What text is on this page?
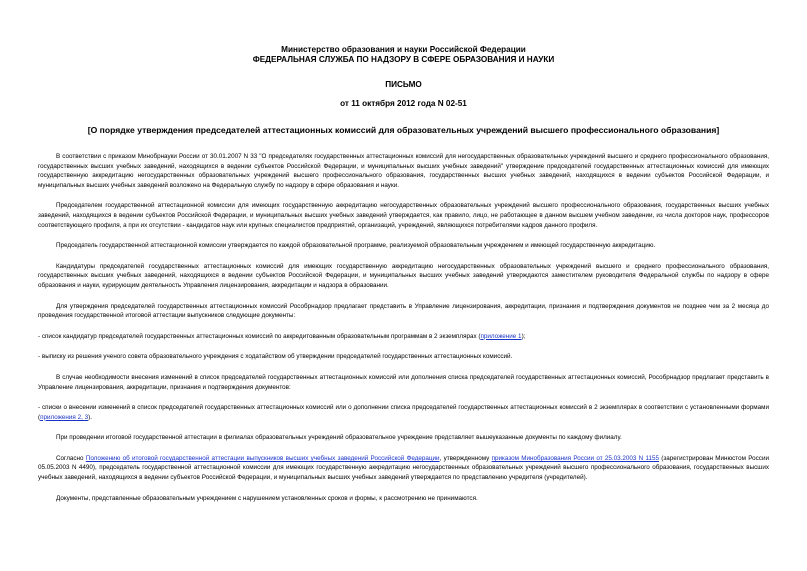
Министерство образования и науки Российской Федерации
ФЕДЕРАЛЬНАЯ СЛУЖБА ПО НАДЗОРУ В СФЕРЕ ОБРАЗОВАНИЯ И НАУКИ
ПИСЬМО
от 11 октября 2012 года N 02-51
[О порядке утверждения председателей аттестационных комиссий для образовательных учреждений высшего профессионального образования]

В соответствии с приказом Минобрнауки России от 30.01.2007 N 33 "О председателях государственных аттестационных комиссий для негосударственных образовательных учреждений высшего и среднего профессионального образования, государственных высших учебных заведений, находящихся в ведении субъектов Российской Федерации, и муниципальных высших учебных заведений" утверждение председателей государственных аттестационных комиссий для имеющих государственную аккредитацию негосударственных образовательных учреждений высшего профессионального образования, государственных высших учебных заведений, находящихся в ведении субъектов Российской Федерации, и муниципальных высших учебных заведений возложено на Федеральную службу по надзору в сфере образования и науки.

Председателем государственной аттестационной комиссии для имеющих государственную аккредитацию негосударственных образовательных учреждений высшего профессионального образования, государственных высших учебных заведений, находящихся в ведении субъектов Российской Федерации, и муниципальных высших учебных заведений утверждается, как правило, лицо, не работающее в данном высшем учебном заведении, из числа докторов наук, профессоров соответствующего профиля, а при их отсутствии - кандидатов наук или крупных специалистов предприятий, организаций, учреждений, являющихся потребителями кадров данного профиля.

Председатель государственной аттестационной комиссии утверждается по каждой образовательной программе, реализуемой образовательным учреждением и имеющей государственную аккредитацию.

Кандидатуры председателей государственных аттестационных комиссий для имеющих государственную аккредитацию негосударственных образовательных учреждений высшего и среднего профессионального образования, государственных высших учебных заведений, находящихся в ведении субъектов Российской Федерации, и муниципальных высших учебных заведений утверждаются заместителем руководителя Федеральной службы по надзору в сфере образования и науки, курирующим деятельность Управления лицензирования, аккредитации и надзора в образовании.

Для утверждения председателей государственных аттестационных комиссий Рособрнадзор предлагает представить в Управление лицензирования, аккредитации, признания и подтверждения документов не позднее чем за 2 месяца до проведения государственной итоговой аттестации выпускников следующие документы:

- список кандидатур председателей государственных аттестационных комиссий по аккредитованным образовательным программам в 2 экземплярах (приложение 1);

- выписку из решения ученого совета образовательного учреждения с ходатайством об утверждении председателей государственных аттестационных комиссий.

В случае необходимости внесения изменений в список председателей государственных аттестационных комиссий или дополнения списка председателей государственных аттестационных комиссий, Рособрнадзор предлагает представить в Управление лицензирования, аккредитации, признания и подтверждения документов:

- списки о внесении изменений в список председателей государственных аттестационных комиссий или о дополнении списка председателей государственных аттестационных комиссий в 2 экземплярах в соответствии с установленными формами (приложения 2, 3).

При проведении итоговой государственной аттестации в филиалах образовательных учреждений образовательное учреждение представляет вышеуказанные документы по каждому филиалу.

Согласно Положению об итоговой государственной аттестации выпускников высших учебных заведений Российской Федерации, утвержденному приказом Минобразования России от 25.03.2003 N 1155 (зарегистрирован Минюстом России 05.05.2003 N 4490), председатель государственной аттестационной комиссии для имеющих государственную аккредитацию негосударственных образовательных учреждений высшего профессионального образования, государственных высших учебных заведений, находящихся в ведении субъектов Российской Федерации, и муниципальных высших учебных заведений утверждается по представлению учредителя (учредителей).

Документы, представленные образовательным учреждением с нарушением установленных сроков и формы, к рассмотрению не принимаются.
